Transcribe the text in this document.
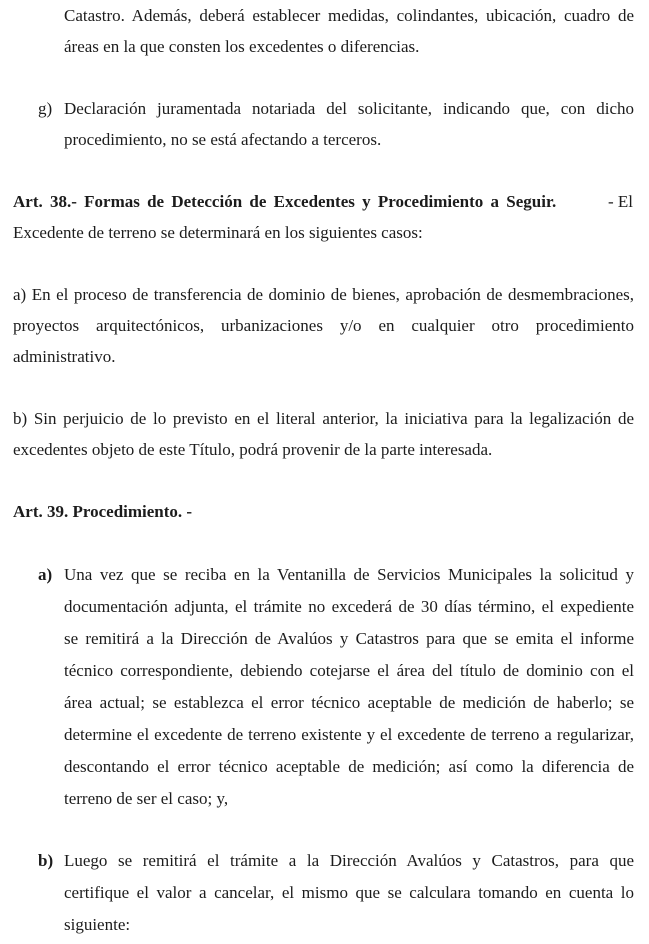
Catastro. Además, deberá establecer medidas, colindantes, ubicación, cuadro de
áreas en la que consten los excedentes o diferencias.
g) Declaración juramentada notariada del solicitante, indicando que, con dicho
procedimiento, no se está afectando a terceros.
Art. 38.- Formas de Detección de Excedentes y Procedimiento a Seguir.	- El
Excedente de terreno se determinará en los siguientes casos:
a) En el proceso de transferencia de dominio de bienes, aprobación de desmembraciones,
proyectos arquitectónicos, urbanizaciones y/o en cualquier otro procedimiento
administrativo.
b) Sin perjuicio de lo previsto en el literal anterior, la iniciativa para la legalización de
excedentes objeto de este Título, podrá provenir de la parte interesada.
Art. 39. Procedimiento. -
a) Una vez que se reciba en la Ventanilla de Servicios Municipales la solicitud y
documentación adjunta, el trámite no excederá de 30 días término, el expediente
se remitirá a la Dirección de Avalúos y Catastros para que se emita el informe
técnico correspondiente, debiendo cotejarse el área del título de dominio con el
área actual; se establezca el error técnico aceptable de medición de haberlo; se
determine el excedente de terreno existente y el excedente de terreno a regularizar,
descontando el error técnico aceptable de medición; así como la diferencia de
terreno de ser el caso; y,
b) Luego se remitirá el trámite a la Dirección Avalúos y Catastros, para que
certifique el valor a cancelar, el mismo que se calculara tomando en cuenta lo
siguiente:
